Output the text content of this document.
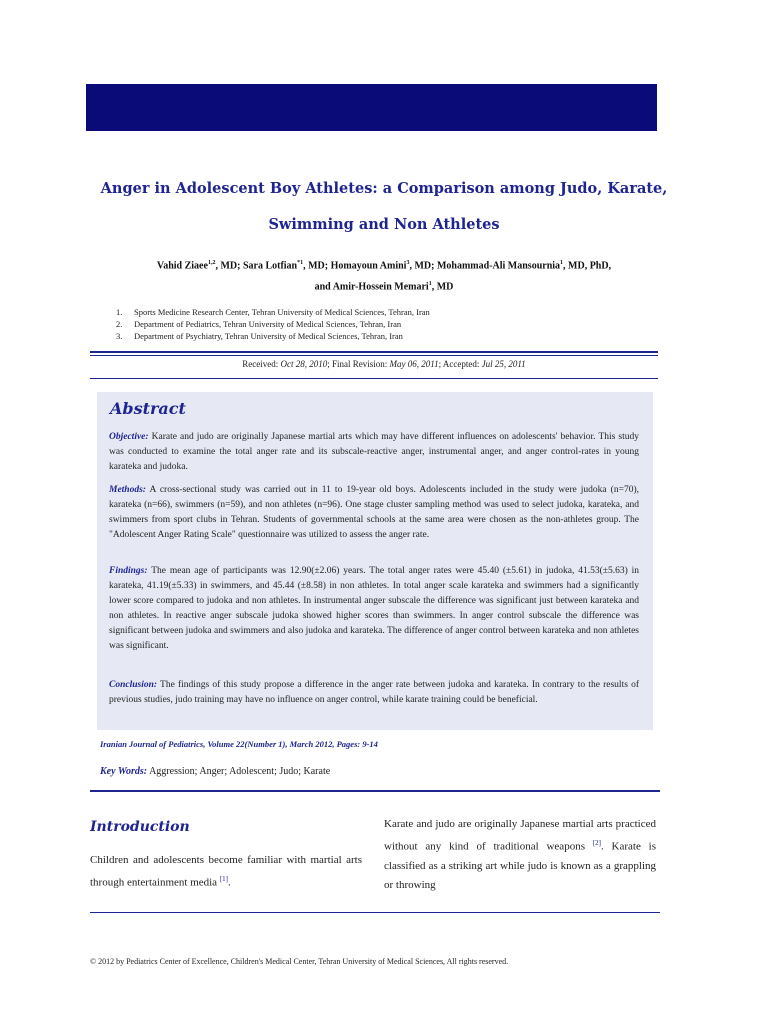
Anger in Adolescent Boy Athletes: a Comparison among Judo, Karate,
Swimming and Non Athletes
Vahid Ziaee$^{1,2}$, MD; Sara Lotfian$^{*1}$, MD; Homayoun Amini$^3$, MD; Mohammad-Ali Mansournia$^1$, MD, PhD,
and Amir-Hossein Memari$^1$, MD
1. Sports Medicine Research Center, Tehran University of Medical Sciences, Tehran, Iran
2. Department of Pediatrics, Tehran University of Medical Sciences, Tehran, Iran
3. Department of Psychiatry, Tehran University of Medical Sciences, Tehran, Iran
Received: Oct 28, 2010; Final Revision: May 06, 2011; Accepted: Jul 25, 2011
Abstract

Objective: Karate and judo are originally Japanese martial arts which may have different influences on adolescents' behavior. This study was conducted to examine the total anger rate and its subscale-reactive anger, instrumental anger, and anger control-rates in young karateka and judoka.

Methods: A cross-sectional study was carried out in 11 to 19-year old boys. Adolescents included in the study were judoka (n=70), karateka (n=66), swimmers (n=59), and non athletes (n=96). One stage cluster sampling method was used to select judoka, karateka, and swimmers from sport clubs in Tehran. Students of governmental schools at the same area were chosen as the non-athletes group. The "Adolescent Anger Rating Scale" questionnaire was utilized to assess the anger rate.

Findings: The mean age of participants was 12.90(±2.06) years. The total anger rates were 45.40 (±5.61) in judoka, 41.53(±5.63) in karateka, 41.19(±5.33) in swimmers, and 45.44 (±8.58) in non athletes. In total anger scale karateka and swimmers had a significantly lower score compared to judoka and non athletes. In instrumental anger subscale the difference was significant just between karateka and non athletes. In reactive anger subscale judoka showed higher scores than swimmers. In anger control subscale the difference was significant between judoka and swimmers and also judoka and karateka. The difference of anger control between karateka and non athletes was significant.

Conclusion: The findings of this study propose a difference in the anger rate between judoka and karateka. In contrary to the results of previous studies, judo training may have no influence on anger control, while karate training could be beneficial.

Iranian Journal of Pediatrics, Volume 22(Number 1), March 2012, Pages: 9-14
Key Words: Aggression; Anger; Adolescent; Judo; Karate
Introduction

Children and adolescents become familiar with martial arts through entertainment media [1].

Karate and judo are originally Japanese martial arts practiced without any kind of traditional weapons [2]. Karate is classified as a striking art while judo is known as a grappling or throwing

© 2012 by Pediatrics Center of Excellence, Children's Medical Center, Tehran University of Medical Sciences, All rights reserved.
